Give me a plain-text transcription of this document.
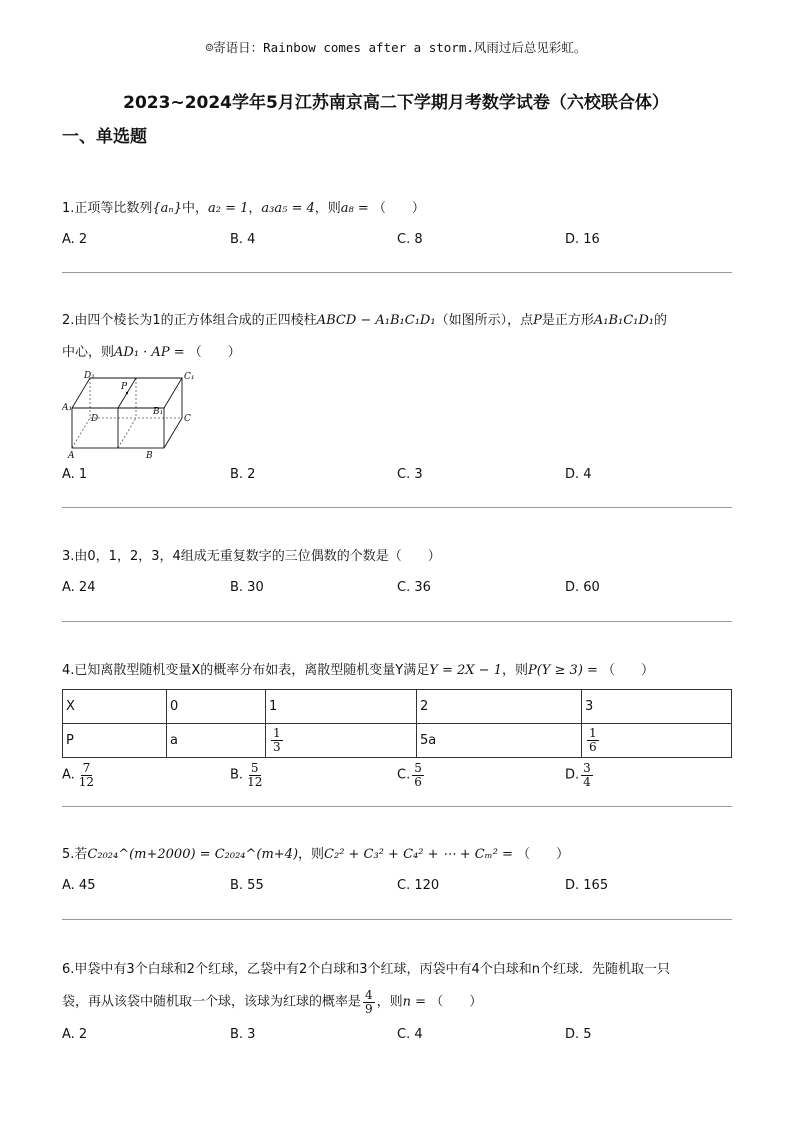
☺寄语日：Rainbow comes after a storm.风雨过后总见彩虹。
2023~2024学年5月江苏南京高二下学期月考数学试卷（六校联合体）
一、单选题
1.正项等比数列{aₙ}中，a₂ = 1，a₃a₅ = 4，则a₈ = （　　）
A. 2	B. 4	C. 8	D. 16
2.由四个棱长为1的正方体组合成的正四棱柱ABCD − A₁B₁C₁D₁（如图所示），点P是正方形A₁B₁C₁D₁的
中心，则AD₁ · AP = （　　）
D₁
P
C₁
A₁
D
B₁
C
A	B
A. 1	B. 2	C. 3	D. 4
3.由0，1，2，3，4组成无重复数字的三位偶数的个数是（　　）
A. 24	B. 30	C. 36	D. 60
4.已知离散型随机变量X的概率分布如表，离散型随机变量Y满足Y = 2X − 1，则P(Y ≥ 3) = （　　）
X	0	1	2	3
P	a	$\frac{1}{3}$	5a	$\frac{1}{6}$
A. $\frac{7}{12}$	B. $\frac{5}{12}$	C. $\frac{5}{6}$	D. $\frac{3}{4}$
5.若C₂₀₂₄^(m+2000) = C₂₀₂₄^(m+4)，则C₂² + C₃² + C₄² + ⋯ + Cₘ² = （　　）
A. 45	B. 55	C. 120	D. 165
6.甲袋中有3个白球和2个红球，乙袋中有2个白球和3个红球，丙袋中有4个白球和n个红球．先随机取一只
袋，再从该袋中随机取一个球，该球为红球的概率是 $\frac{4}{9}$ ，则n = （　　）
A. 2	B. 3	C. 4	D. 5
